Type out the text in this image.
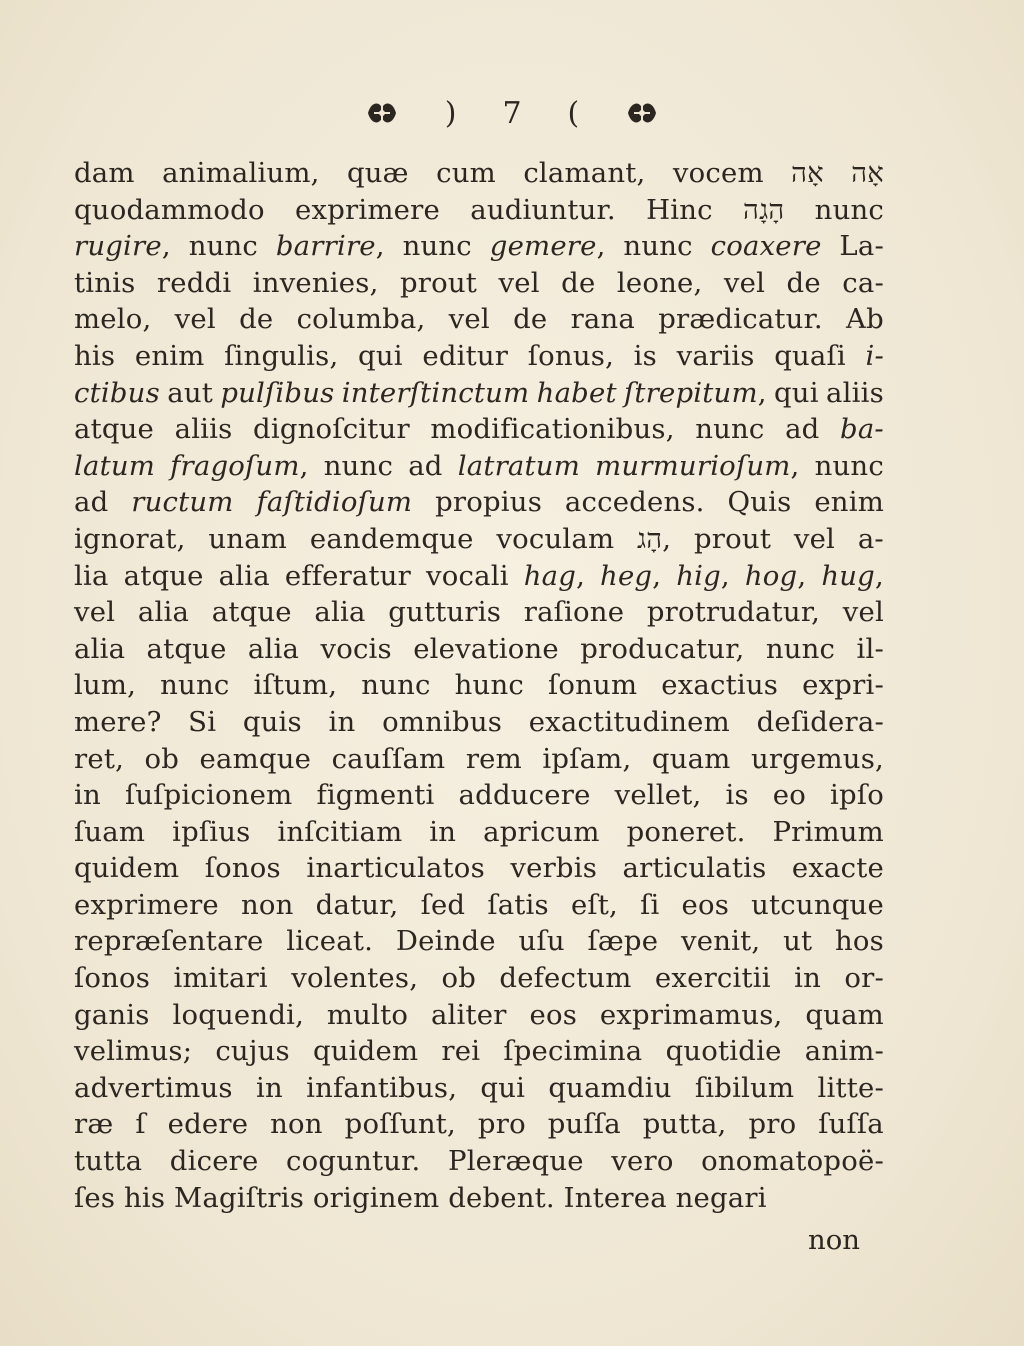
) 7 (
dam animalium, quæ cum clamant, vocem אָה אָה
quodammodo exprimere audiuntur. Hinc הָגָה nunc
rugire, nunc barrire, nunc gemere, nunc coaxere La-
tinis reddi invenies, prout vel de leone, vel de ca-
melo, vel de columba, vel de rana prædicatur. Ab
his enim ſingulis, qui editur ſonus, is variis quaſi i-
ctibus aut pulſibus interſtinctum habet ſtrepitum, qui aliis
atque aliis dignoſcitur modificationibus, nunc ad ba-
latum fragoſum, nunc ad latratum murmurioſum, nunc
ad ructum faſtidioſum propius accedens. Quis enim
ignorat, unam eandemque voculam הָג, prout vel a-
lia atque alia efferatur vocali hag, heg, hig, hog, hug,
vel alia atque alia gutturis raſione protrudatur, vel
alia atque alia vocis elevatione producatur, nunc il-
lum, nunc iſtum, nunc hunc ſonum exactius expri-
mere? Si quis in omnibus exactitudinem deſidera-
ret, ob eamque cauſſam rem ipſam, quam urgemus,
in ſuſpicionem figmenti adducere vellet, is eo ipſo
ſuam ipſius inſcitiam in apricum poneret. Primum
quidem ſonos inarticulatos verbis articulatis exacte
exprimere non datur, ſed ſatis eſt, ſi eos utcunque
repræſentare liceat. Deinde uſu ſæpe venit, ut hos
ſonos imitari volentes, ob defectum exercitii in or-
ganis loquendi, multo aliter eos exprimamus, quam
velimus; cujus quidem rei ſpecimina quotidie anim-
advertimus in infantibus, qui quamdiu ſibilum litte-
ræ ſ edere non poſſunt, pro puſſa putta, pro ſuſſa
tutta dicere coguntur. Pleræque vero onomatopoë-
ſes his Magiſtris originem debent. Interea negari
non
